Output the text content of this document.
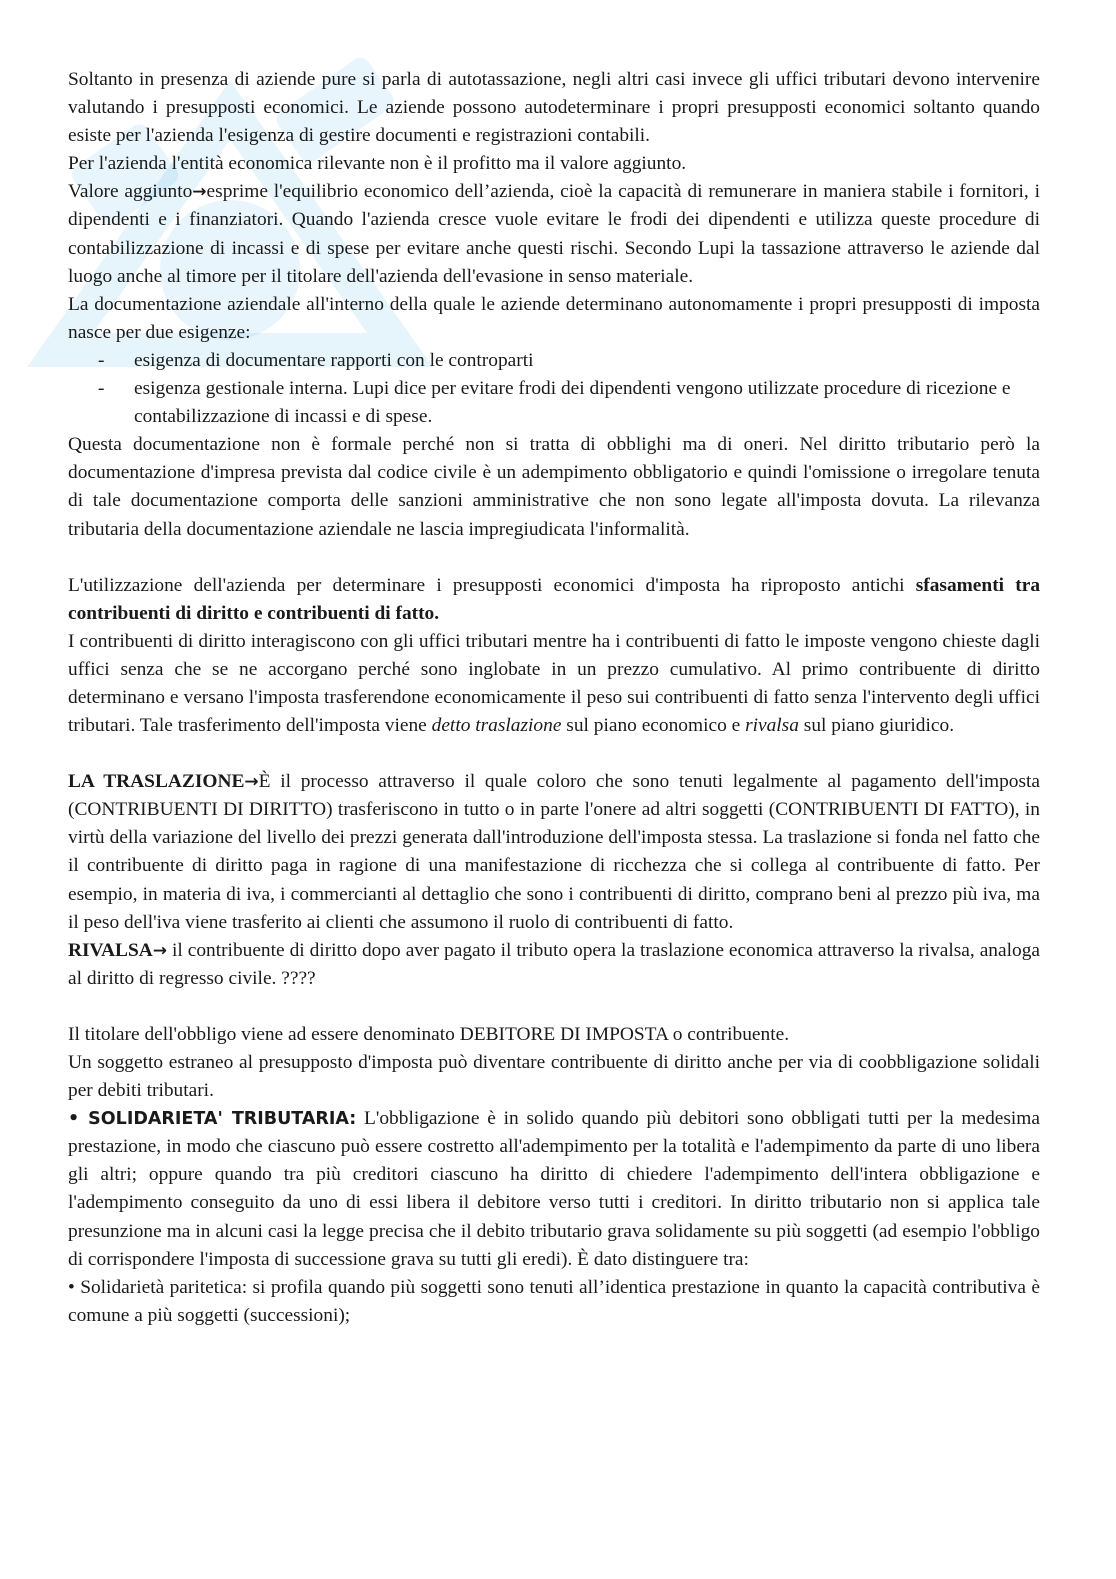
Soltanto in presenza di aziende pure si parla di autotassazione, negli altri casi invece gli uffici tributari devono intervenire valutando i presupposti economici. Le aziende possono autodeterminare i propri presupposti economici soltanto quando esiste per l'azienda l'esigenza di gestire documenti e registrazioni contabili.

Per l'azienda l'entità economica rilevante non è il profitto ma il valore aggiunto.

Valore aggiunto→esprime l'equilibrio economico dell’azienda, cioè la capacità di remunerare in maniera stabile i fornitori, i dipendenti e i finanziatori. Quando l'azienda cresce vuole evitare le frodi dei dipendenti e utilizza queste procedure di contabilizzazione di incassi e di spese per evitare anche questi rischi. Secondo Lupi la tassazione attraverso le aziende dal luogo anche al timore per il titolare dell'azienda dell'evasione in senso materiale.

La documentazione aziendale all'interno della quale le aziende determinano autonomamente i propri presupposti di imposta nasce per due esigenze:

-	esigenza di documentare rapporti con le controparti
-	esigenza gestionale interna. Lupi dice per evitare frodi dei dipendenti vengono utilizzate procedure di ricezione e contabilizzazione di incassi e di spese.

Questa documentazione non è formale perché non si tratta di obblighi ma di oneri. Nel diritto tributario però la documentazione d'impresa prevista dal codice civile è un adempimento obbligatorio e quindi l'omissione o irregolare tenuta di tale documentazione comporta delle sanzioni amministrative che non sono legate all'imposta dovuta. La rilevanza tributaria della documentazione aziendale ne lascia impregiudicata l'informalità.

L'utilizzazione dell'azienda per determinare i presupposti economici d'imposta ha riproposto antichi sfasamenti tra contribuenti di diritto e contribuenti di fatto.

I contribuenti di diritto interagiscono con gli uffici tributari mentre ha i contribuenti di fatto le imposte vengono chieste dagli uffici senza che se ne accorgano perché sono inglobate in un prezzo cumulativo. Al primo contribuente di diritto determinano e versano l'imposta trasferendone economicamente il peso sui contribuenti di fatto senza l'intervento degli uffici tributari. Tale trasferimento dell'imposta viene detto traslazione sul piano economico e rivalsa sul piano giuridico.

LA TRASLAZIONE→È il processo attraverso il quale coloro che sono tenuti legalmente al pagamento dell'imposta (CONTRIBUENTI DI DIRITTO) trasferiscono in tutto o in parte l'onere ad altri soggetti (CONTRIBUENTI DI FATTO), in virtù della variazione del livello dei prezzi generata dall'introduzione dell'imposta stessa. La traslazione si fonda nel fatto che il contribuente di diritto paga in ragione di una manifestazione di ricchezza che si collega al contribuente di fatto. Per esempio, in materia di iva, i commercianti al dettaglio che sono i contribuenti di diritto, comprano beni al prezzo più iva, ma il peso dell'iva viene trasferito ai clienti che assumono il ruolo di contribuenti di fatto.

RIVALSA→ il contribuente di diritto dopo aver pagato il tributo opera la traslazione economica attraverso la rivalsa, analoga al diritto di regresso civile. ????

Il titolare dell'obbligo viene ad essere denominato DEBITORE DI IMPOSTA o contribuente.

Un soggetto estraneo al presupposto d'imposta può diventare contribuente di diritto anche per via di coobbligazione solidali per debiti tributari.

• SOLIDARIETA' TRIBUTARIA: L'obbligazione è in solido quando più debitori sono obbligati tutti per la medesima prestazione, in modo che ciascuno può essere costretto all'adempimento per la totalità e l'adempimento da parte di uno libera gli altri; oppure quando tra più creditori ciascuno ha diritto di chiedere l'adempimento dell'intera obbligazione e l'adempimento conseguito da uno di essi libera il debitore verso tutti i creditori. In diritto tributario non si applica tale presunzione ma in alcuni casi la legge precisa che il debito tributario grava solidamente su più soggetti (ad esempio l'obbligo di corrispondere l'imposta di successione grava su tutti gli eredi). È dato distinguere tra:

• Solidarietà paritetica: si profila quando più soggetti sono tenuti all’identica prestazione in quanto la capacità contributiva è comune a più soggetti (successioni);
